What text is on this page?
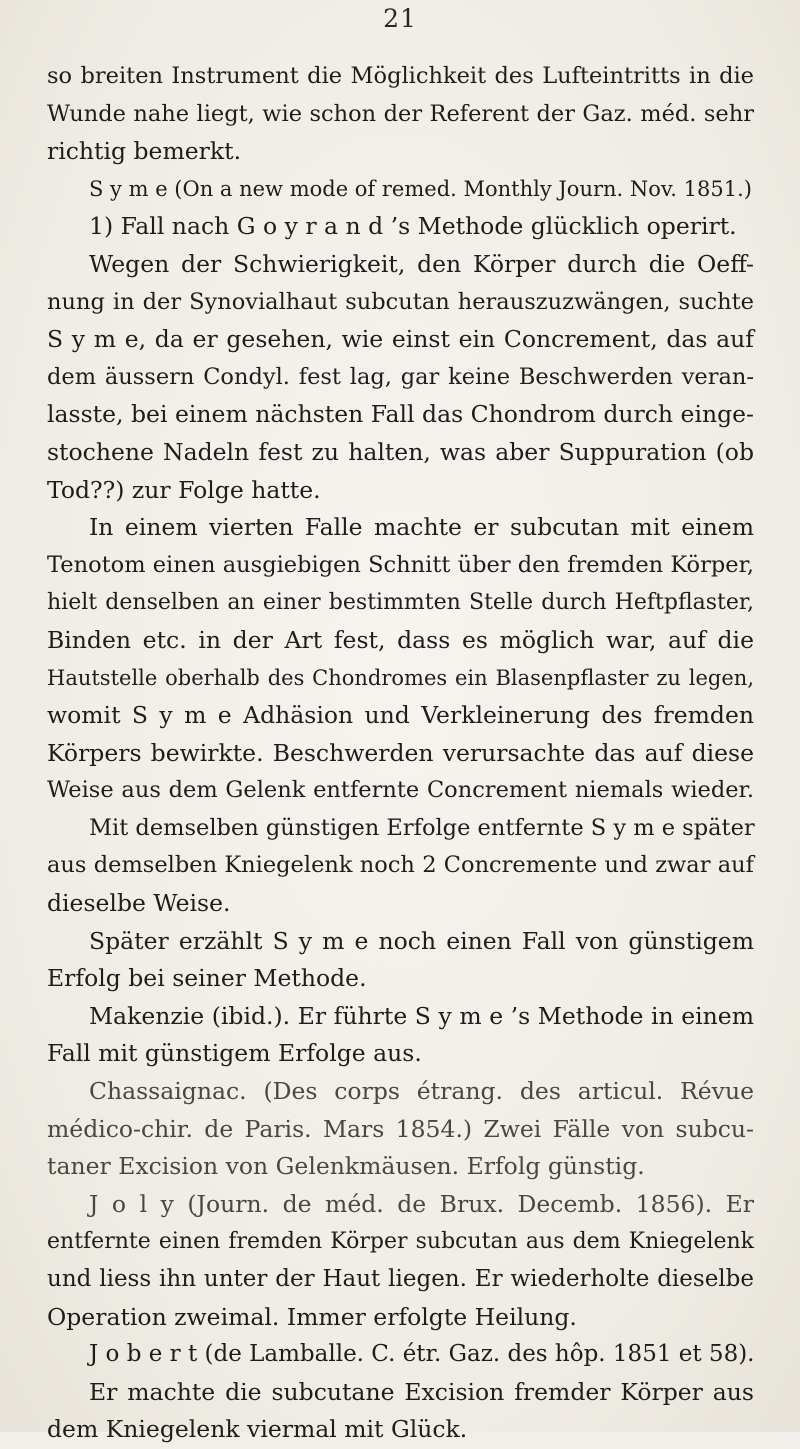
21
so breiten Instrument die Möglichkeit des Lufteintritts in die
Wunde nahe liegt, wie schon der Referent der Gaz. méd. sehr
richtig bemerkt.
S y m e (On a new mode of remed. Monthly Journ. Nov. 1851.)
1) Fall nach G o y r a n d ’s Methode glücklich operirt.
Wegen der Schwierigkeit, den Körper durch die Oeff-
nung in der Synovialhaut subcutan herauszuzwängen, suchte
S y m e, da er gesehen, wie einst ein Concrement, das auf
dem äussern Condyl. fest lag, gar keine Beschwerden veran-
lasste, bei einem nächsten Fall das Chondrom durch einge-
stochene Nadeln fest zu halten, was aber Suppuration (ob
Tod??) zur Folge hatte.
In einem vierten Falle machte er subcutan mit einem
Tenotom einen ausgiebigen Schnitt über den fremden Körper,
hielt denselben an einer bestimmten Stelle durch Heftpflaster,
Binden etc. in der Art fest, dass es möglich war, auf die
Hautstelle oberhalb des Chondromes ein Blasenpflaster zu legen,
womit S y m e Adhäsion und Verkleinerung des fremden
Körpers bewirkte. Beschwerden verursachte das auf diese
Weise aus dem Gelenk entfernte Concrement niemals wieder.
Mit demselben günstigen Erfolge entfernte S y m e später
aus demselben Kniegelenk noch 2 Concremente und zwar auf
dieselbe Weise.
Später erzählt S y m e noch einen Fall von günstigem
Erfolg bei seiner Methode.
Makenzie (ibid.). Er führte S y m e ’s Methode in einem
Fall mit günstigem Erfolge aus.
Chassaignac. (Des corps étrang. des articul. Révue
médico-chir. de Paris. Mars 1854.) Zwei Fälle von subcu-
taner Excision von Gelenkmäusen. Erfolg günstig.
J o l y (Journ. de méd. de Brux. Decemb. 1856). Er
entfernte einen fremden Körper subcutan aus dem Kniegelenk
und liess ihn unter der Haut liegen. Er wiederholte dieselbe
Operation zweimal. Immer erfolgte Heilung.
J o b e r t (de Lamballe. C. étr. Gaz. des hôp. 1851 et 58).
Er machte die subcutane Excision fremder Körper aus
dem Kniegelenk viermal mit Glück.
